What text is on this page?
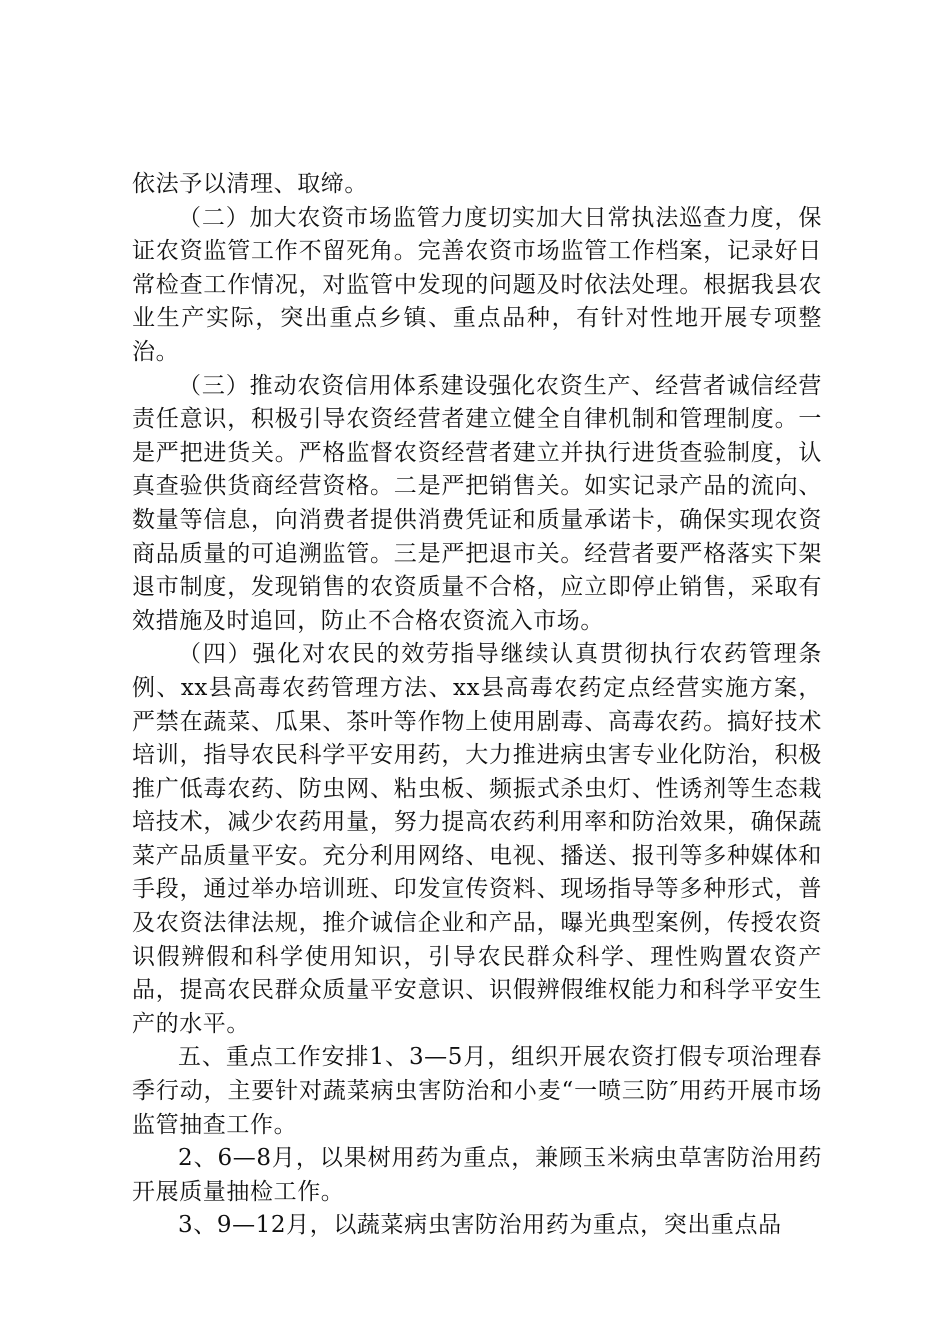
依法予以清理、取缔。

（二）加大农资市场监管力度切实加大日常执法巡查力度，保证农资监管工作不留死角。完善农资市场监管工作档案，记录好日常检查工作情况，对监管中发现的问题及时依法处理。根据我县农业生产实际，突出重点乡镇、重点品种，有针对性地开展专项整治。

（三）推动农资信用体系建设强化农资生产、经营者诚信经营责任意识，积极引导农资经营者建立健全自律机制和管理制度。一是严把进货关。严格监督农资经营者建立并执行进货查验制度，认真查验供货商经营资格。二是严把销售关。如实记录产品的流向、数量等信息，向消费者提供消费凭证和质量承诺卡，确保实现农资商品质量的可追溯监管。三是严把退市关。经营者要严格落实下架退市制度，发现销售的农资质量不合格，应立即停止销售，采取有效措施及时追回，防止不合格农资流入市场。

（四）强化对农民的效劳指导继续认真贯彻执行农药管理条例、xx县高毒农药管理方法、xx县高毒农药定点经营实施方案，严禁在蔬菜、瓜果、茶叶等作物上使用剧毒、高毒农药。搞好技术培训，指导农民科学平安用药，大力推进病虫害专业化防治，积极推广低毒农药、防虫网、粘虫板、频振式杀虫灯、性诱剂等生态栽培技术，减少农药用量，努力提高农药利用率和防治效果，确保蔬菜产品质量平安。充分利用网络、电视、播送、报刊等多种媒体和手段，通过举办培训班、印发宣传资料、现场指导等多种形式，普及农资法律法规，推介诚信企业和产品，曝光典型案例，传授农资识假辨假和科学使用知识，引导农民群众科学、理性购置农资产品，提高农民群众质量平安意识、识假辨假维权能力和科学平安生产的水平。

五、重点工作安排1、3—5月，组织开展农资打假专项治理春季行动，主要针对蔬菜病虫害防治和小麦“一喷三防″用药开展市场监管抽查工作。

2、6—8月，以果树用药为重点，兼顾玉米病虫草害防治用药开展质量抽检工作。

3、9—12月，以蔬菜病虫害防治用药为重点，突出重点品
